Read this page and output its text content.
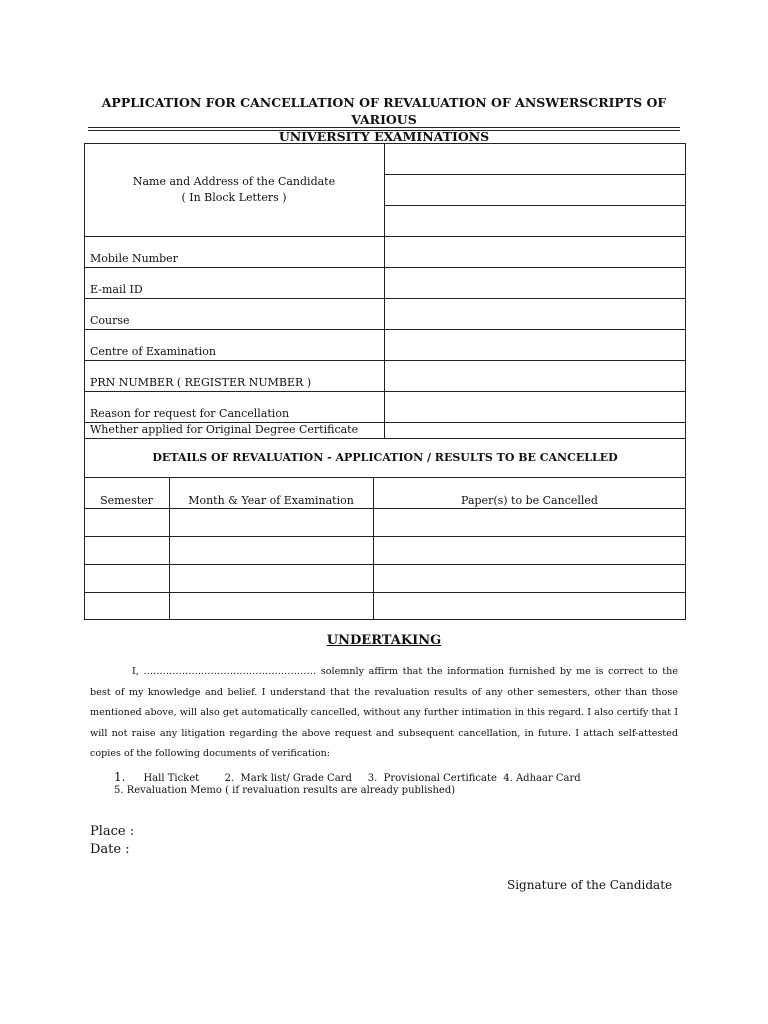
APPLICATION FOR CANCELLATION OF REVALUATION OF ANSWERSCRIPTS OF VARIOUS
UNIVERSITY EXAMINATIONS
Name and Address of the Candidate
( In Block Letters )
Mobile Number
E-mail ID
Course
Centre of Examination
PRN NUMBER ( REGISTER NUMBER )
Reason for request for Cancellation
Whether applied for Original Degree Certificate
DETAILS OF REVALUATION - APPLICATION / RESULTS TO BE CANCELLED
Semester	Month & Year of Examination	Paper(s) to be Cancelled
UNDERTAKING
I, ……………………………………………… solemnly affirm that the information furnished by me is correct to the best of my knowledge and belief. I understand that the revaluation results of any other semesters, other than those mentioned above, will also get automatically cancelled, without any further intimation in this regard. I also certify that I will not raise any litigation regarding the above request and subsequent cancellation, in future. I attach self-attested copies of the following documents of verification:
1. Hall Ticket        2.  Mark list/ Grade Card     3.  Provisional Certificate  4. Adhaar Card
5. Revaluation Memo ( if revaluation results are already published)
Place :
Date :
Signature of the Candidate
